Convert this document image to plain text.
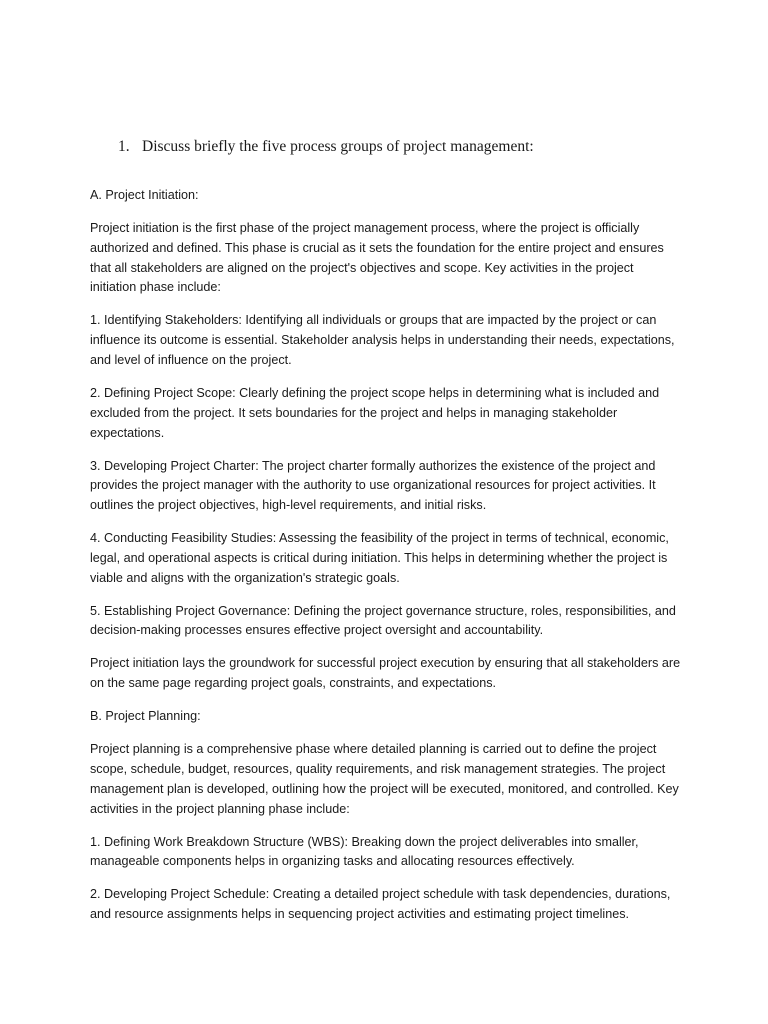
1. Discuss briefly the five process groups of project management:

A. Project Initiation:

Project initiation is the first phase of the project management process, where the project is officially authorized and defined. This phase is crucial as it sets the foundation for the entire project and ensures that all stakeholders are aligned on the project's objectives and scope. Key activities in the project initiation phase include:

1. Identifying Stakeholders: Identifying all individuals or groups that are impacted by the project or can influence its outcome is essential. Stakeholder analysis helps in understanding their needs, expectations, and level of influence on the project.

2. Defining Project Scope: Clearly defining the project scope helps in determining what is included and excluded from the project. It sets boundaries for the project and helps in managing stakeholder expectations.

3. Developing Project Charter: The project charter formally authorizes the existence of the project and provides the project manager with the authority to use organizational resources for project activities. It outlines the project objectives, high-level requirements, and initial risks.

4. Conducting Feasibility Studies: Assessing the feasibility of the project in terms of technical, economic, legal, and operational aspects is critical during initiation. This helps in determining whether the project is viable and aligns with the organization's strategic goals.

5. Establishing Project Governance: Defining the project governance structure, roles, responsibilities, and decision-making processes ensures effective project oversight and accountability.

Project initiation lays the groundwork for successful project execution by ensuring that all stakeholders are on the same page regarding project goals, constraints, and expectations.

B. Project Planning:

Project planning is a comprehensive phase where detailed planning is carried out to define the project scope, schedule, budget, resources, quality requirements, and risk management strategies. The project management plan is developed, outlining how the project will be executed, monitored, and controlled. Key activities in the project planning phase include:

1. Defining Work Breakdown Structure (WBS): Breaking down the project deliverables into smaller, manageable components helps in organizing tasks and allocating resources effectively.

2. Developing Project Schedule: Creating a detailed project schedule with task dependencies, durations, and resource assignments helps in sequencing project activities and estimating project timelines.
